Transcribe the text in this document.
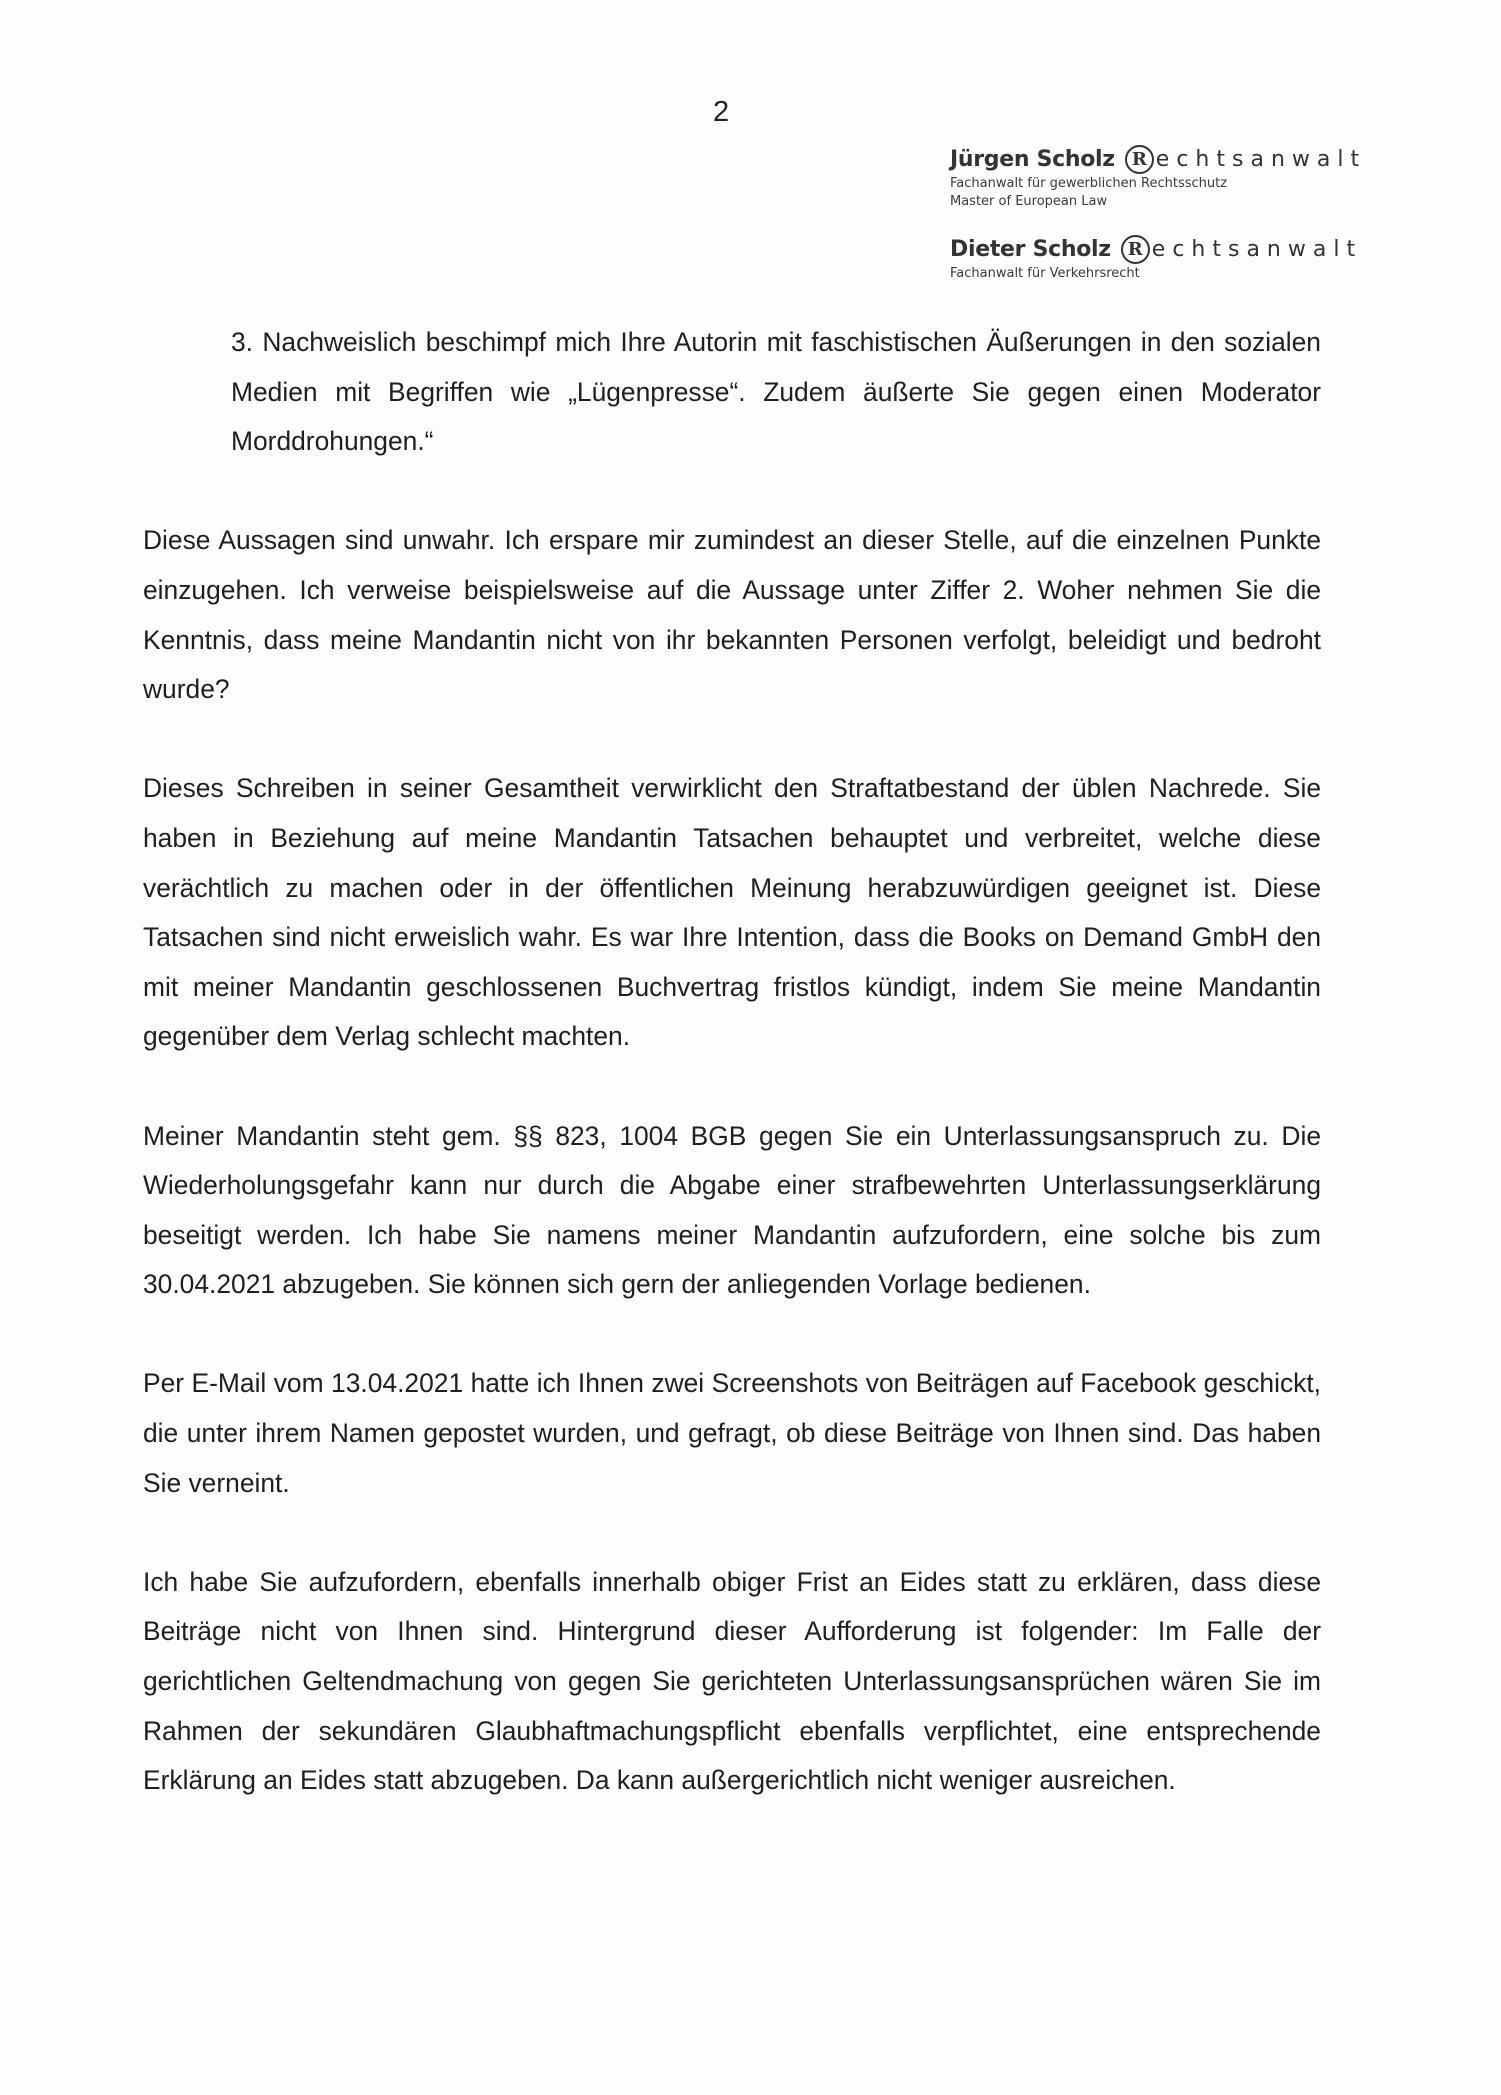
2
Jürgen Scholz R echtsanwalt
Fachanwalt für gewerblichen Rechtsschutz
Master of European Law
Dieter Scholz R echtsanwalt
Fachanwalt für Verkehrsrecht

3. Nachweislich beschimpf mich Ihre Autorin mit faschistischen Äußerungen in den sozialen Medien mit Begriffen wie „Lügenpresse“. Zudem äußerte Sie gegen einen Moderator Morddrohungen.“

Diese Aussagen sind unwahr. Ich erspare mir zumindest an dieser Stelle, auf die einzelnen Punkte einzugehen. Ich verweise beispielsweise auf die Aussage unter Ziffer 2. Woher nehmen Sie die Kenntnis, dass meine Mandantin nicht von ihr bekannten Personen verfolgt, beleidigt und bedroht wurde?

Dieses Schreiben in seiner Gesamtheit verwirklicht den Straftatbestand der üblen Nachrede. Sie haben in Beziehung auf meine Mandantin Tatsachen behauptet und verbreitet, welche diese verächtlich zu machen oder in der öffentlichen Meinung herabzuwürdigen geeignet ist. Diese Tatsachen sind nicht erweislich wahr. Es war Ihre Intention, dass die Books on Demand GmbH den mit meiner Mandantin geschlossenen Buchvertrag fristlos kündigt, indem Sie meine Mandantin gegenüber dem Verlag schlecht machten.

Meiner Mandantin steht gem. §§ 823, 1004 BGB gegen Sie ein Unterlassungsanspruch zu. Die Wiederholungsgefahr kann nur durch die Abgabe einer strafbewehrten Unterlassungserklärung beseitigt werden. Ich habe Sie namens meiner Mandantin aufzufordern, eine solche bis zum 30.04.2021 abzugeben. Sie können sich gern der anliegenden Vorlage bedienen.

Per E-Mail vom 13.04.2021 hatte ich Ihnen zwei Screenshots von Beiträgen auf Facebook geschickt, die unter ihrem Namen gepostet wurden, und gefragt, ob diese Beiträge von Ihnen sind. Das haben Sie verneint.

Ich habe Sie aufzufordern, ebenfalls innerhalb obiger Frist an Eides statt zu erklären, dass diese Beiträge nicht von Ihnen sind. Hintergrund dieser Aufforderung ist folgender: Im Falle der gerichtlichen Geltendmachung von gegen Sie gerichteten Unterlassungsansprüchen wären Sie im Rahmen der sekundären Glaubhaftmachungspflicht ebenfalls verpflichtet, eine entsprechende Erklärung an Eides statt abzugeben. Da kann außergerichtlich nicht weniger ausreichen.
